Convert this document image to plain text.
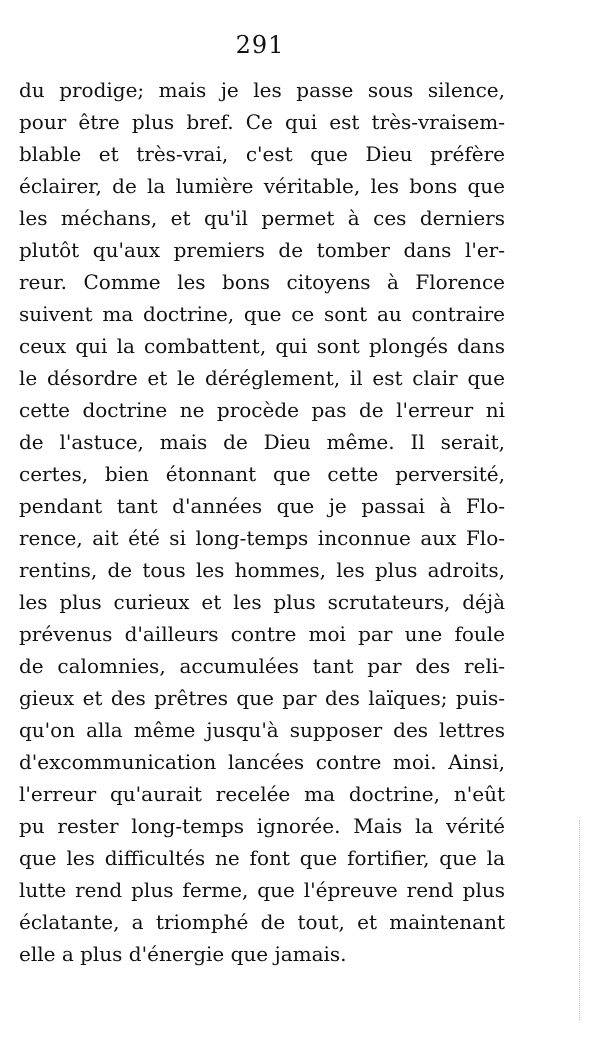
291
du prodige; mais je les passe sous silence,
pour être plus bref. Ce qui est très-vraisem-
blable et très-vrai, c'est que Dieu préfère
éclairer, de la lumière véritable, les bons que
les méchans, et qu'il permet à ces derniers
plutôt qu'aux premiers de tomber dans l'er-
reur. Comme les bons citoyens à Florence
suivent ma doctrine, que ce sont au contraire
ceux qui la combattent, qui sont plongés dans
le désordre et le déréglement, il est clair que
cette doctrine ne procède pas de l'erreur ni
de l'astuce, mais de Dieu même. Il serait,
certes, bien étonnant que cette perversité,
pendant tant d'années que je passai à Flo-
rence, ait été si long-temps inconnue aux Flo-
rentins, de tous les hommes, les plus adroits,
les plus curieux et les plus scrutateurs, déjà
prévenus d'ailleurs contre moi par une foule
de calomnies, accumulées tant par des reli-
gieux et des prêtres que par des laïques; puis-
qu'on alla même jusqu'à supposer des lettres
d'excommunication lancées contre moi. Ainsi,
l'erreur qu'aurait recelée ma doctrine, n'eût
pu rester long-temps ignorée. Mais la vérité
que les difficultés ne font que fortifier, que la
lutte rend plus ferme, que l'épreuve rend plus
éclatante, a triomphé de tout, et maintenant
elle a plus d'énergie que jamais.
